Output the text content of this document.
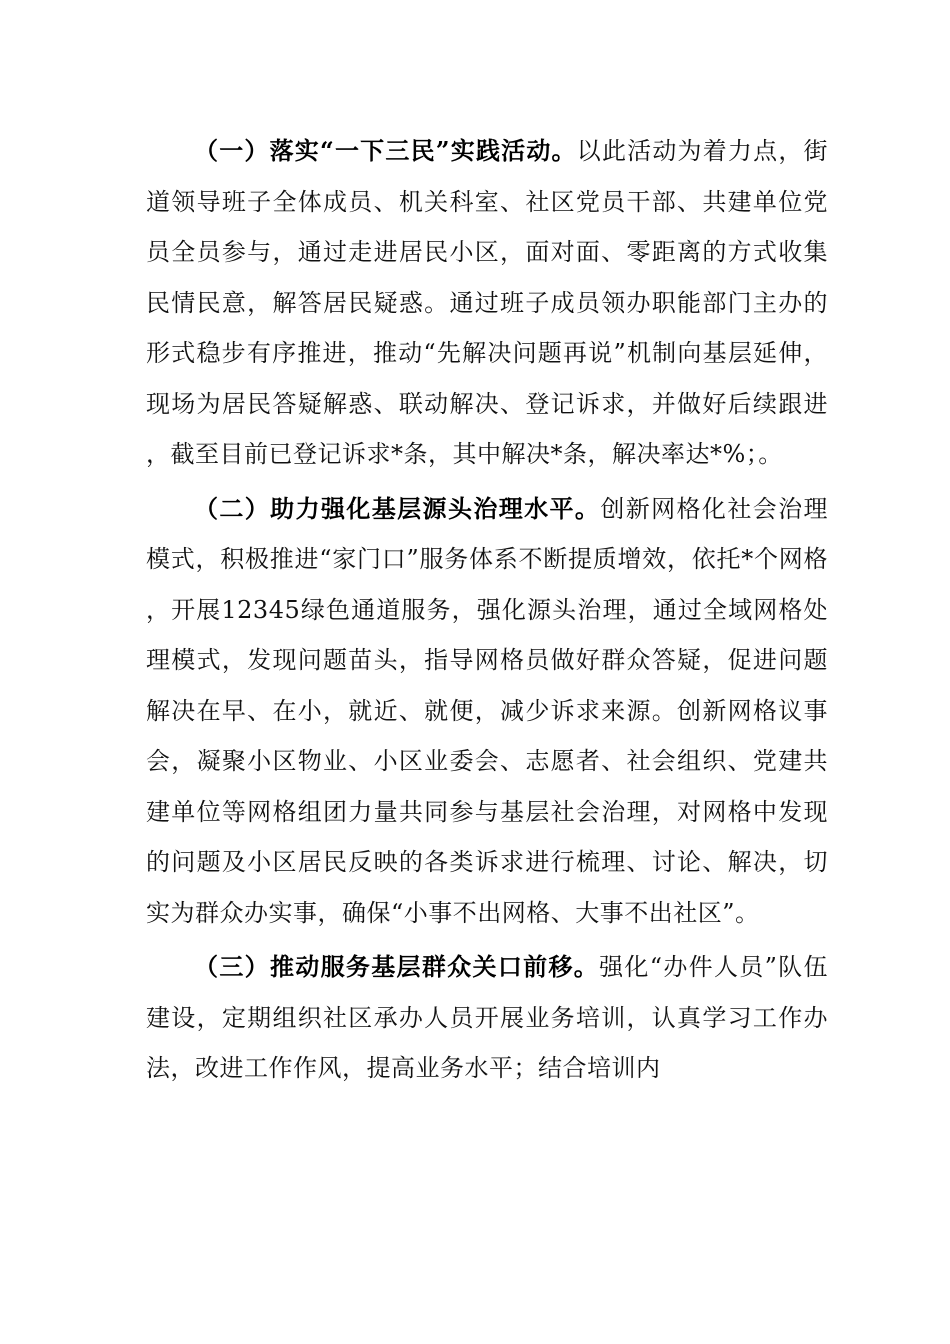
（一）落实“一下三民”实践活动。以此活动为着力点，街道领导班子全体成员、机关科室、社区党员干部、共建单位党员全员参与，通过走进居民小区，面对面、零距离的方式收集民情民意，解答居民疑惑。通过班子成员领办职能部门主办的形式稳步有序推进，推动“先解决问题再说”机制向基层延伸，现场为居民答疑解惑、联动解决、登记诉求，并做好后续跟进，截至目前已登记诉求*条，其中解决*条，解决率达*%；。

（二）助力强化基层源头治理水平。创新网格化社会治理模式，积极推进“家门口”服务体系不断提质增效，依托*个网格，开展12345绿色通道服务，强化源头治理，通过全域网格处理模式，发现问题苗头，指导网格员做好群众答疑，促进问题解决在早、在小，就近、就便，减少诉求来源。创新网格议事会，凝聚小区物业、小区业委会、志愿者、社会组织、党建共建单位等网格组团力量共同参与基层社会治理，对网格中发现的问题及小区居民反映的各类诉求进行梳理、讨论、解决，切实为群众办实事，确保“小事不出网格、大事不出社区”。

（三）推动服务基层群众关口前移。强化“办件人员”队伍建设，定期组织社区承办人员开展业务培训，认真学习工作办法，改进工作作风，提高业务水平；结合培训内
